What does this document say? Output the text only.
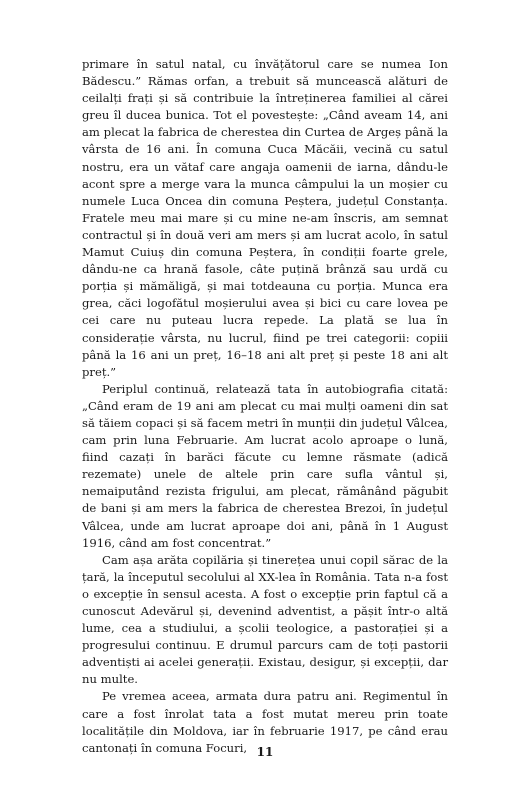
primare în satul natal, cu învățătorul care se numea Ion Bădescu.” Rămas orfan, a trebuit să muncească alături de ceilalți frați și să contribuie la întreținerea familiei al cărei greu îl ducea bunica. Tot el povestește: „Când aveam 14, ani am plecat la fabrica de cherestea din Curtea de Argeș până la vârsta de 16 ani. În comuna Cuca Măcăii, vecină cu satul nostru, era un vătaf care angaja oamenii de iarna, dându-le acont spre a merge vara la munca câmpului la un moșier cu numele Luca Oncea din comuna Peștera, județul Constanța. Fratele meu mai mare și cu mine ne-am înscris, am semnat contractul și în două veri am mers și am lucrat acolo, în satul Mamut Cuiuș din comuna Peștera, în condiții foarte grele, dându-ne ca hrană fasole, câte puțină brânză sau urdă cu porția și mămăligă, și mai totdeauna cu porția. Munca era grea, căci logofătul moșierului avea și bici cu care lovea pe cei care nu puteau lucra repede. La plată se lua în considerație vârsta, nu lucrul, fiind pe trei categorii: copiii până la 16 ani un preț, 16–18 ani alt preț și peste 18 ani alt preț.”

Periplul continuă, relatează tata în autobiografia citată: „Când eram de 19 ani am plecat cu mai mulți oameni din sat să tăiem copaci și să facem metri în munții din județul Vâlcea, cam prin luna Februarie. Am lucrat acolo aproape o lună, fiind cazați în barăci făcute cu lemne răsmate (adică rezemate) unele de altele prin care sufla vântul și, nemaiputând rezista frigului, am plecat, rămânând păgubit de bani și am mers la fabrica de cherestea Brezoi, în județul Vâlcea, unde am lucrat aproape doi ani, până în 1 August 1916, când am fost concentrat.”

Cam așa arăta copilăria și tinerețea unui copil sărac de la țară, la începutul secolului al XX-lea în România. Tata n-a fost o excepție în sensul acesta. A fost o excepție prin faptul că a cunoscut Adevărul și, devenind adventist, a pășit într-o altă lume, cea a studiului, a școlii teologice, a pastorației și a progresului continuu. E drumul parcurs cam de toți pastorii adventiști ai acelei generații. Existau, desigur, și excepții, dar nu multe.

Pe vremea aceea, armata dura patru ani. Regimentul în care a fost înrolat tata a fost mutat mereu prin toate localitățile din Moldova, iar în februarie 1917, pe când erau cantonați în comuna Focuri, 11
